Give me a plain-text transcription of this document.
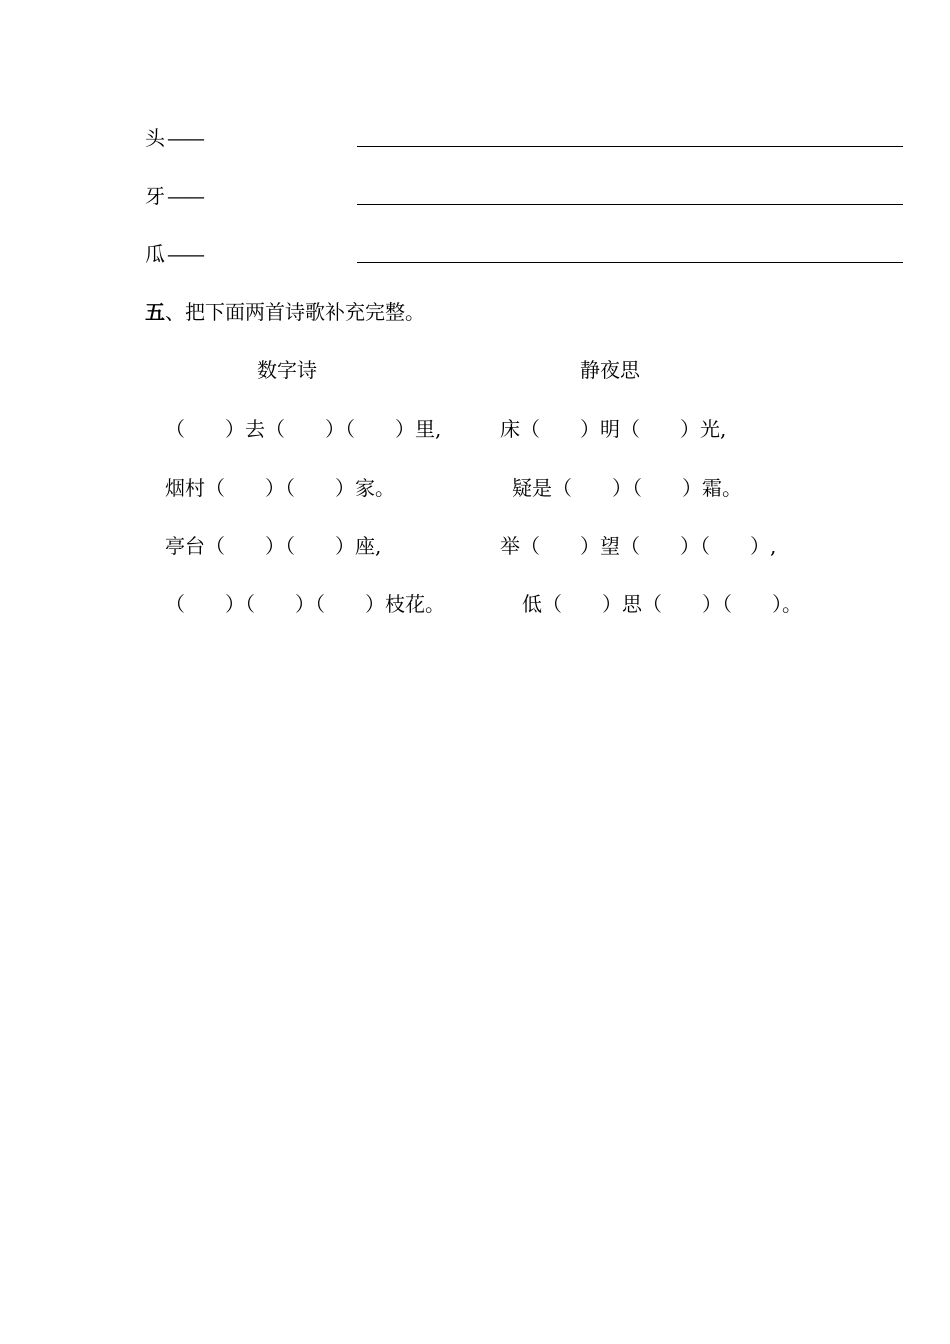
头 ——
牙 ——
瓜 ——
五、把下面两首诗歌补充完整。
数字诗
（　　）去（　　）（　　）里,
烟村（　　）（　　）家。
亭台（　　）（　　）座,
（　　）（　　）（　　）枝花。
静夜思
床（　　）明（　　）光,
疑是（　　）（　　）霜。
举（　　）望（　　）（　　）,
低（　　）思（　　）（　　）。
